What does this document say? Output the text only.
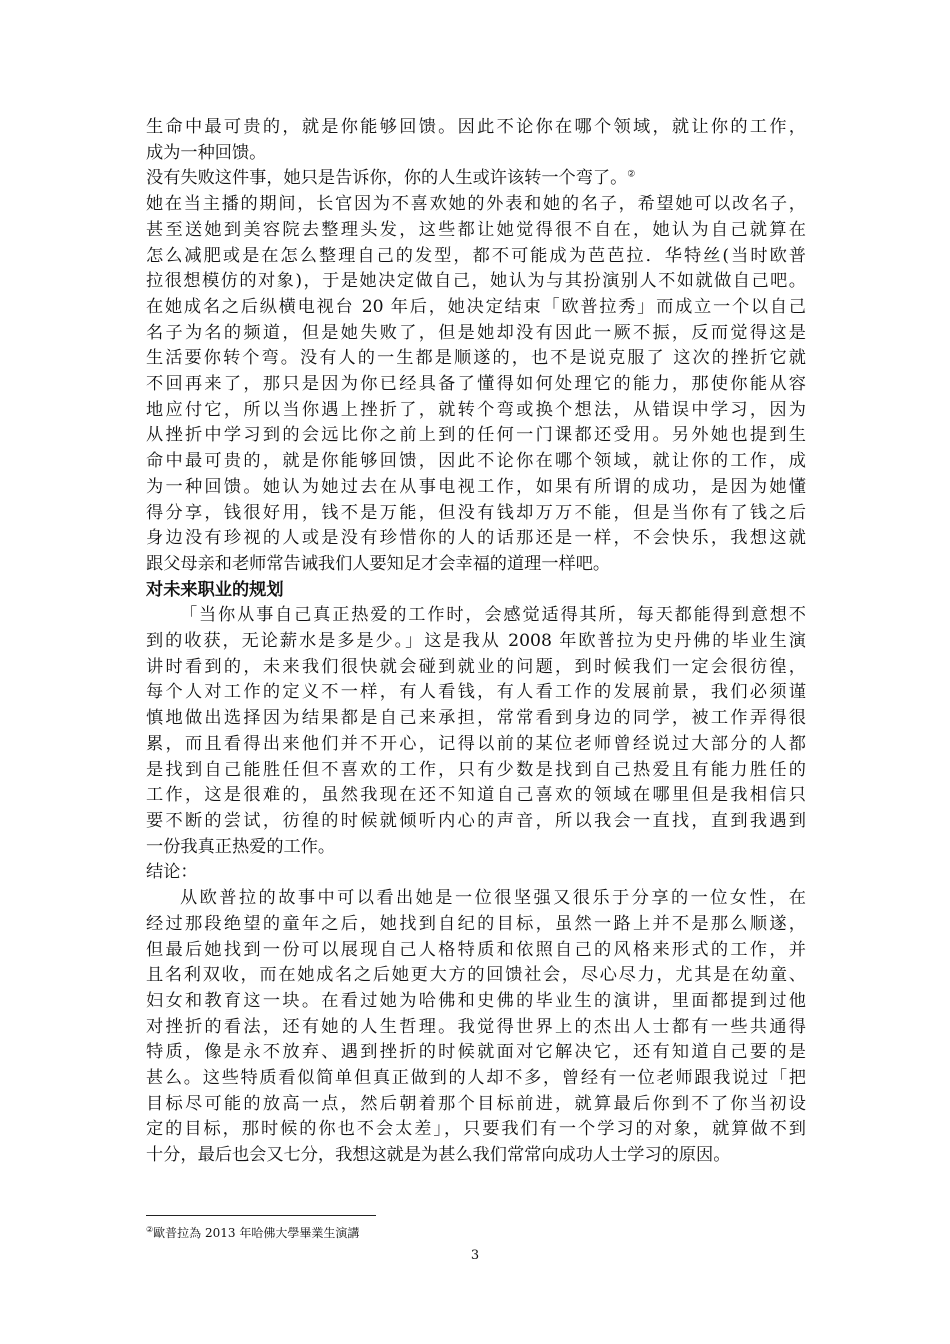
生命中最可贵的，就是你能够回馈。因此不论你在哪个领域，就让你的工作，
成为一种回馈。
没有失败这件事，她只是告诉你，你的人生或许该转一个弯了。②
她在当主播的期间，长官因为不喜欢她的外表和她的名子，希望她可以改名子，
甚至送她到美容院去整理头发，这些都让她觉得很不自在，她认为自己就算在
怎么减肥或是在怎么整理自己的发型，都不可能成为芭芭拉．华特丝(当时欧普
拉很想模仿的对象)，于是她决定做自己，她认为与其扮演别人不如就做自己吧。
在她成名之后纵横电视台 20 年后，她决定结束「欧普拉秀」而成立一个以自己
名子为名的频道，但是她失败了，但是她却没有因此一厥不振，反而觉得这是
生活要你转个弯。没有人的一生都是顺遂的，也不是说克服了 这次的挫折它就
不回再来了，那只是因为你已经具备了懂得如何处理它的能力，那使你能从容
地应付它，所以当你遇上挫折了，就转个弯或换个想法，从错误中学习，因为
从挫折中学习到的会远比你之前上到的任何一门课都还受用。另外她也提到生
命中最可贵的，就是你能够回馈，因此不论你在哪个领域，就让你的工作，成
为一种回馈。她认为她过去在从事电视工作，如果有所谓的成功，是因为她懂
得分享，钱很好用，钱不是万能，但没有钱却万万不能，但是当你有了钱之后
身边没有珍视的人或是没有珍惜你的人的话那还是一样，不会快乐，我想这就
跟父母亲和老师常告诫我们人要知足才会幸福的道理一样吧。
对未来职业的规划
「当你从事自己真正热爱的工作时，会感觉适得其所，每天都能得到意想不
到的收获，无论薪水是多是少。」这是我从 2008 年欧普拉为史丹佛的毕业生演
讲时看到的，未来我们很快就会碰到就业的问题，到时候我们一定会很彷徨，
每个人对工作的定义不一样，有人看钱，有人看工作的发展前景，我们必须谨
慎地做出选择因为结果都是自己来承担，常常看到身边的同学，被工作弄得很
累，而且看得出来他们并不开心，记得以前的某位老师曾经说过大部分的人都
是找到自己能胜任但不喜欢的工作，只有少数是找到自己热爱且有能力胜任的
工作，这是很难的，虽然我现在还不知道自己喜欢的领域在哪里但是我相信只
要不断的尝试，彷徨的时候就倾听内心的声音，所以我会一直找，直到我遇到
一份我真正热爱的工作。
结论：
从欧普拉的故事中可以看出她是一位很坚强又很乐于分享的一位女性，在
经过那段绝望的童年之后，她找到自纪的目标，虽然一路上并不是那么顺遂，
但最后她找到一份可以展现自己人格特质和依照自己的风格来形式的工作，并
且名利双收，而在她成名之后她更大方的回馈社会，尽心尽力，尤其是在幼童、
妇女和教育这一块。在看过她为哈佛和史佛的毕业生的演讲，里面都提到过他
对挫折的看法，还有她的人生哲理。我觉得世界上的杰出人士都有一些共通得
特质，像是永不放弃、遇到挫折的时候就面对它解决它，还有知道自己要的是
甚么。这些特质看似简单但真正做到的人却不多，曾经有一位老师跟我说过「把
目标尽可能的放高一点，然后朝着那个目标前进，就算最后你到不了你当初设
定的目标，那时候的你也不会太差」，只要我们有一个学习的对象，就算做不到
十分，最后也会又七分，我想这就是为甚么我们常常向成功人士学习的原因。
②歐普拉為 2013 年哈佛大學畢業生演講
3
